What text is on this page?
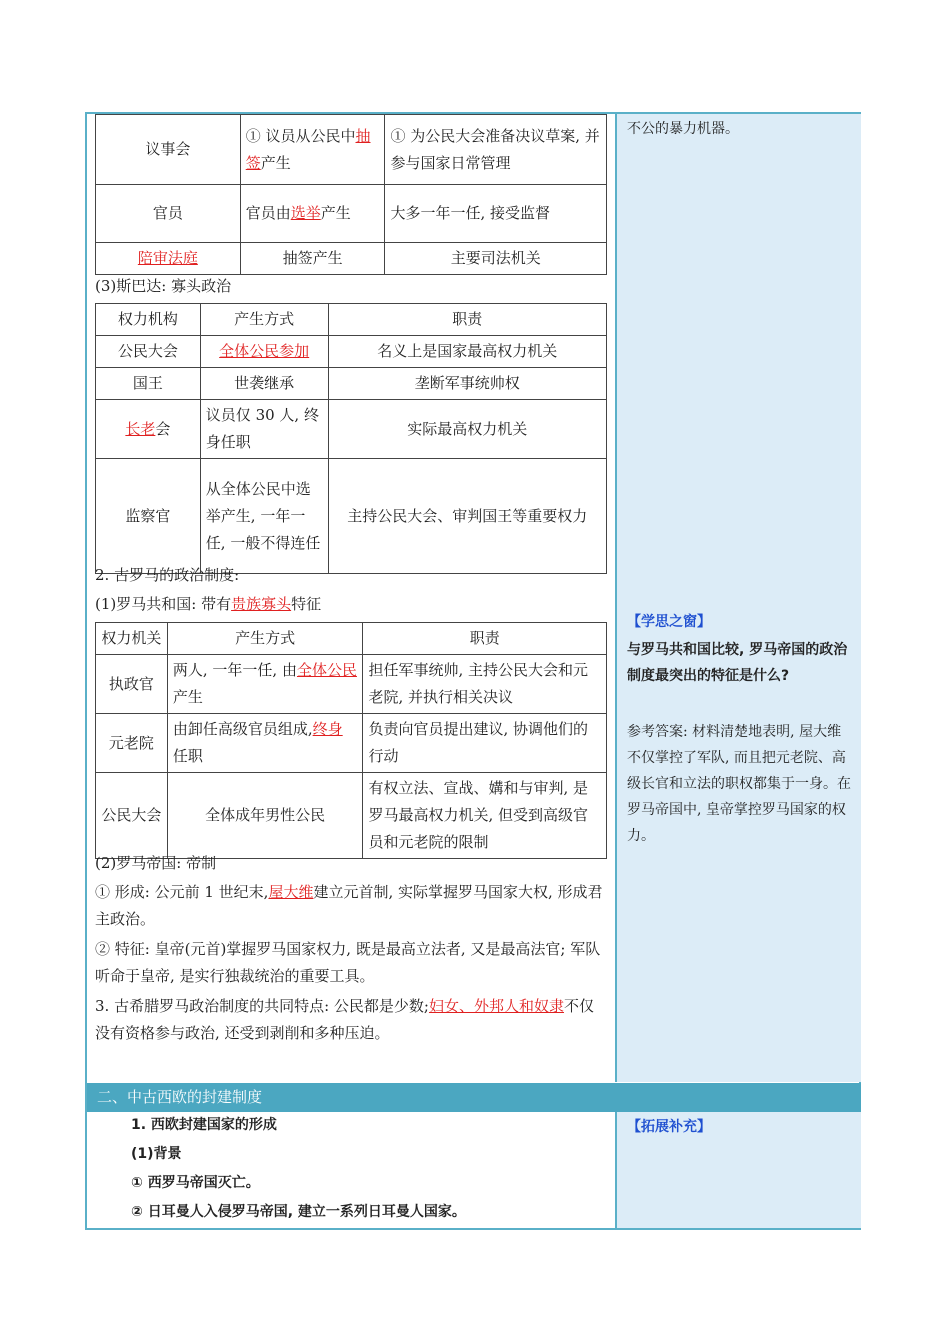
议事会	① 议员从公民中抽签产生	① 为公民大会准备决议草案, 并参与国家日常管理
官员	官员由选举产生	大多一年一任, 接受监督
陪审法庭	抽签产生	主要司法机关
(3)斯巴达: 寡头政治
权力机构	产生方式	职责
公民大会	全体公民参加	名义上是国家最高权力机关
国王	世袭继承	垄断军事统帅权
长老会	议员仅 30 人, 终身任职	实际最高权力机关
监察官	从全体公民中选举产生, 一年一任, 一般不得连任	主持公民大会、审判国王等重要权力
2. 古罗马的政治制度:
(1)罗马共和国: 带有贵族寡头特征
权力机关	产生方式	职责
执政官	两人, 一年一任, 由全体公民产生	担任军事统帅, 主持公民大会和元老院, 并执行相关决议
元老院	由卸任高级官员组成,终身任职	负责向官员提出建议, 协调他们的行动
公民大会	全体成年男性公民	有权立法、宣战、媾和与审判, 是罗马最高权力机关, 但受到高级官员和元老院的限制
(2)罗马帝国: 帝制
① 形成: 公元前 1 世纪末,屋大维建立元首制, 实际掌握罗马国家大权, 形成君主政治。
② 特征: 皇帝(元首)掌握罗马国家权力, 既是最高立法者, 又是最高法官; 军队听命于皇帝, 是实行独裁统治的重要工具。
3. 古希腊罗马政治制度的共同特点: 公民都是少数;妇女、外邦人和奴隶不仅没有资格参与政治, 还受到剥削和多种压迫。
不公的暴力机器。
【学思之窗】
与罗马共和国比较, 罗马帝国的政治制度最突出的特征是什么?
参考答案: 材料清楚地表明, 屋大维不仅掌控了军队, 而且把元老院、高级长官和立法的职权都集于一身。在罗马帝国中, 皇帝掌控罗马国家的权力。
二、中古西欧的封建制度
1. 西欧封建国家的形成
(1)背景
① 西罗马帝国灭亡。
② 日耳曼人入侵罗马帝国, 建立一系列日耳曼人国家。
【拓展补充】
